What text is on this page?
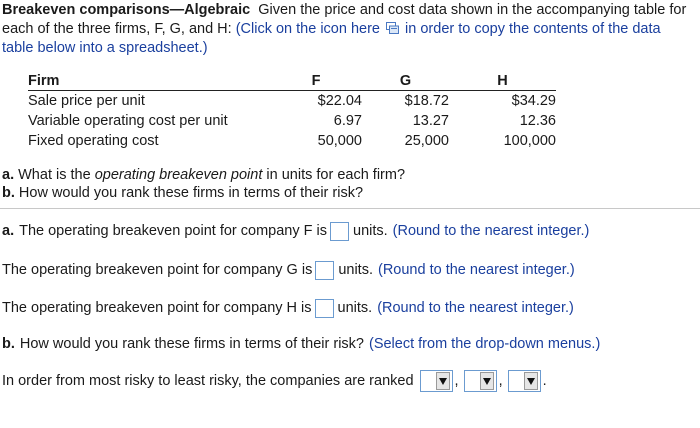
Breakeven comparisons—Algebraic Given the price and cost data shown in the accompanying table for each of the three firms, F, G, and H: (Click on the icon here in order to copy the contents of the data table below into a spreadsheet.)
Firm	F	G	H
Sale price per unit	$22.04	$18.72	$34.29
Variable operating cost per unit	6.97	13.27	12.36
Fixed operating cost	50,000	25,000	100,000
a. What is the operating breakeven point in units for each firm?
b. How would you rank these firms in terms of their risk?
a. The operating breakeven point for company F is units. (Round to the nearest integer.)
The operating breakeven point for company G is units. (Round to the nearest integer.)
The operating breakeven point for company H is units. (Round to the nearest integer.)
b. How would you rank these firms in terms of their risk? (Select from the drop-down menus.)
In order from most risky to least risky, the companies are ranked	,	,	.
